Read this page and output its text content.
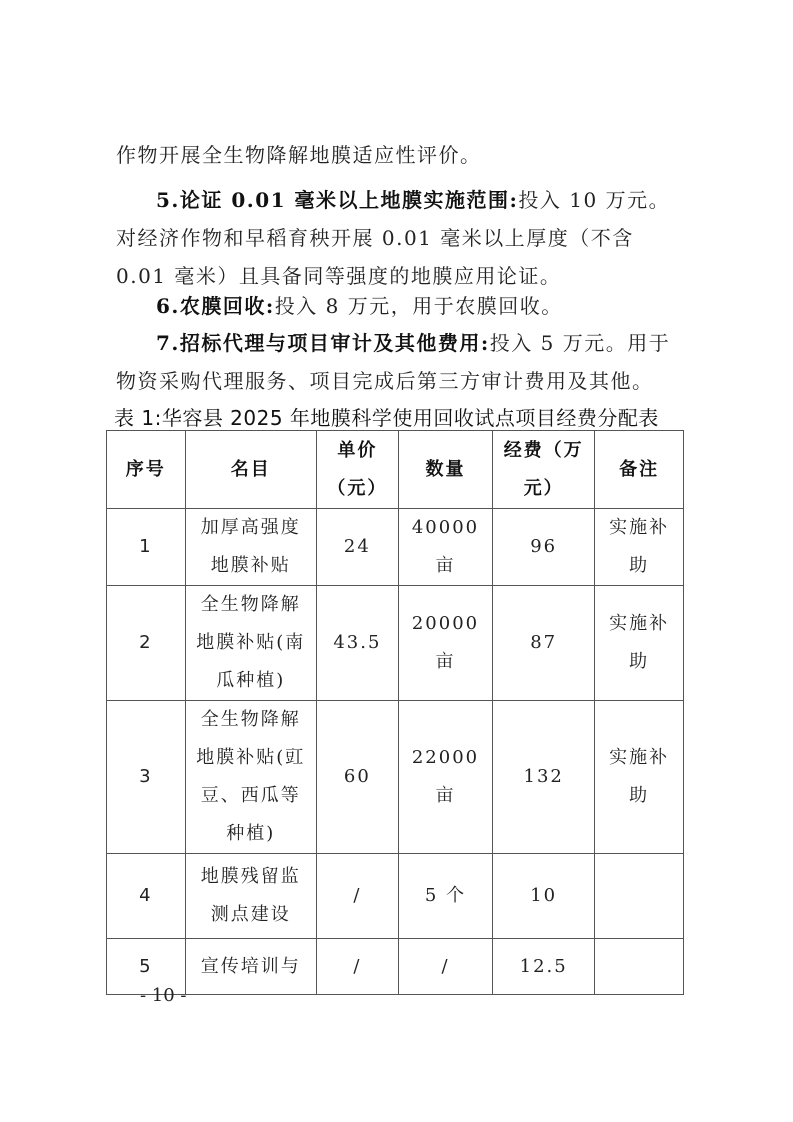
作物开展全生物降解地膜适应性评价。

5.论证 0.01 毫米以上地膜实施范围:投入 10 万元。对经济作物和早稻育秧开展 0.01 毫米以上厚度（不含 0.01 毫米）且具备同等强度的地膜应用论证。

6.农膜回收:投入 8 万元，用于农膜回收。

7.招标代理与项目审计及其他费用:投入 5 万元。用于物资采购代理服务、项目完成后第三方审计费用及其他。

表 1:华容县 2025 年地膜科学使用回收试点项目经费分配表
序号	名目	单价（元）	数量	经费（万元）	备注
1	加厚高强度地膜补贴	24	40000 亩	96	实施补助
2	全生物降解地膜补贴(南瓜种植)	43.5	20000 亩	87	实施补助
3	全生物降解地膜补贴(豇豆、西瓜等种植)	60	22000 亩	132	实施补助
4	地膜残留监测点建设	/	5 个	10	
5	宣传培训与	/	/	12.5	
- 10 -
